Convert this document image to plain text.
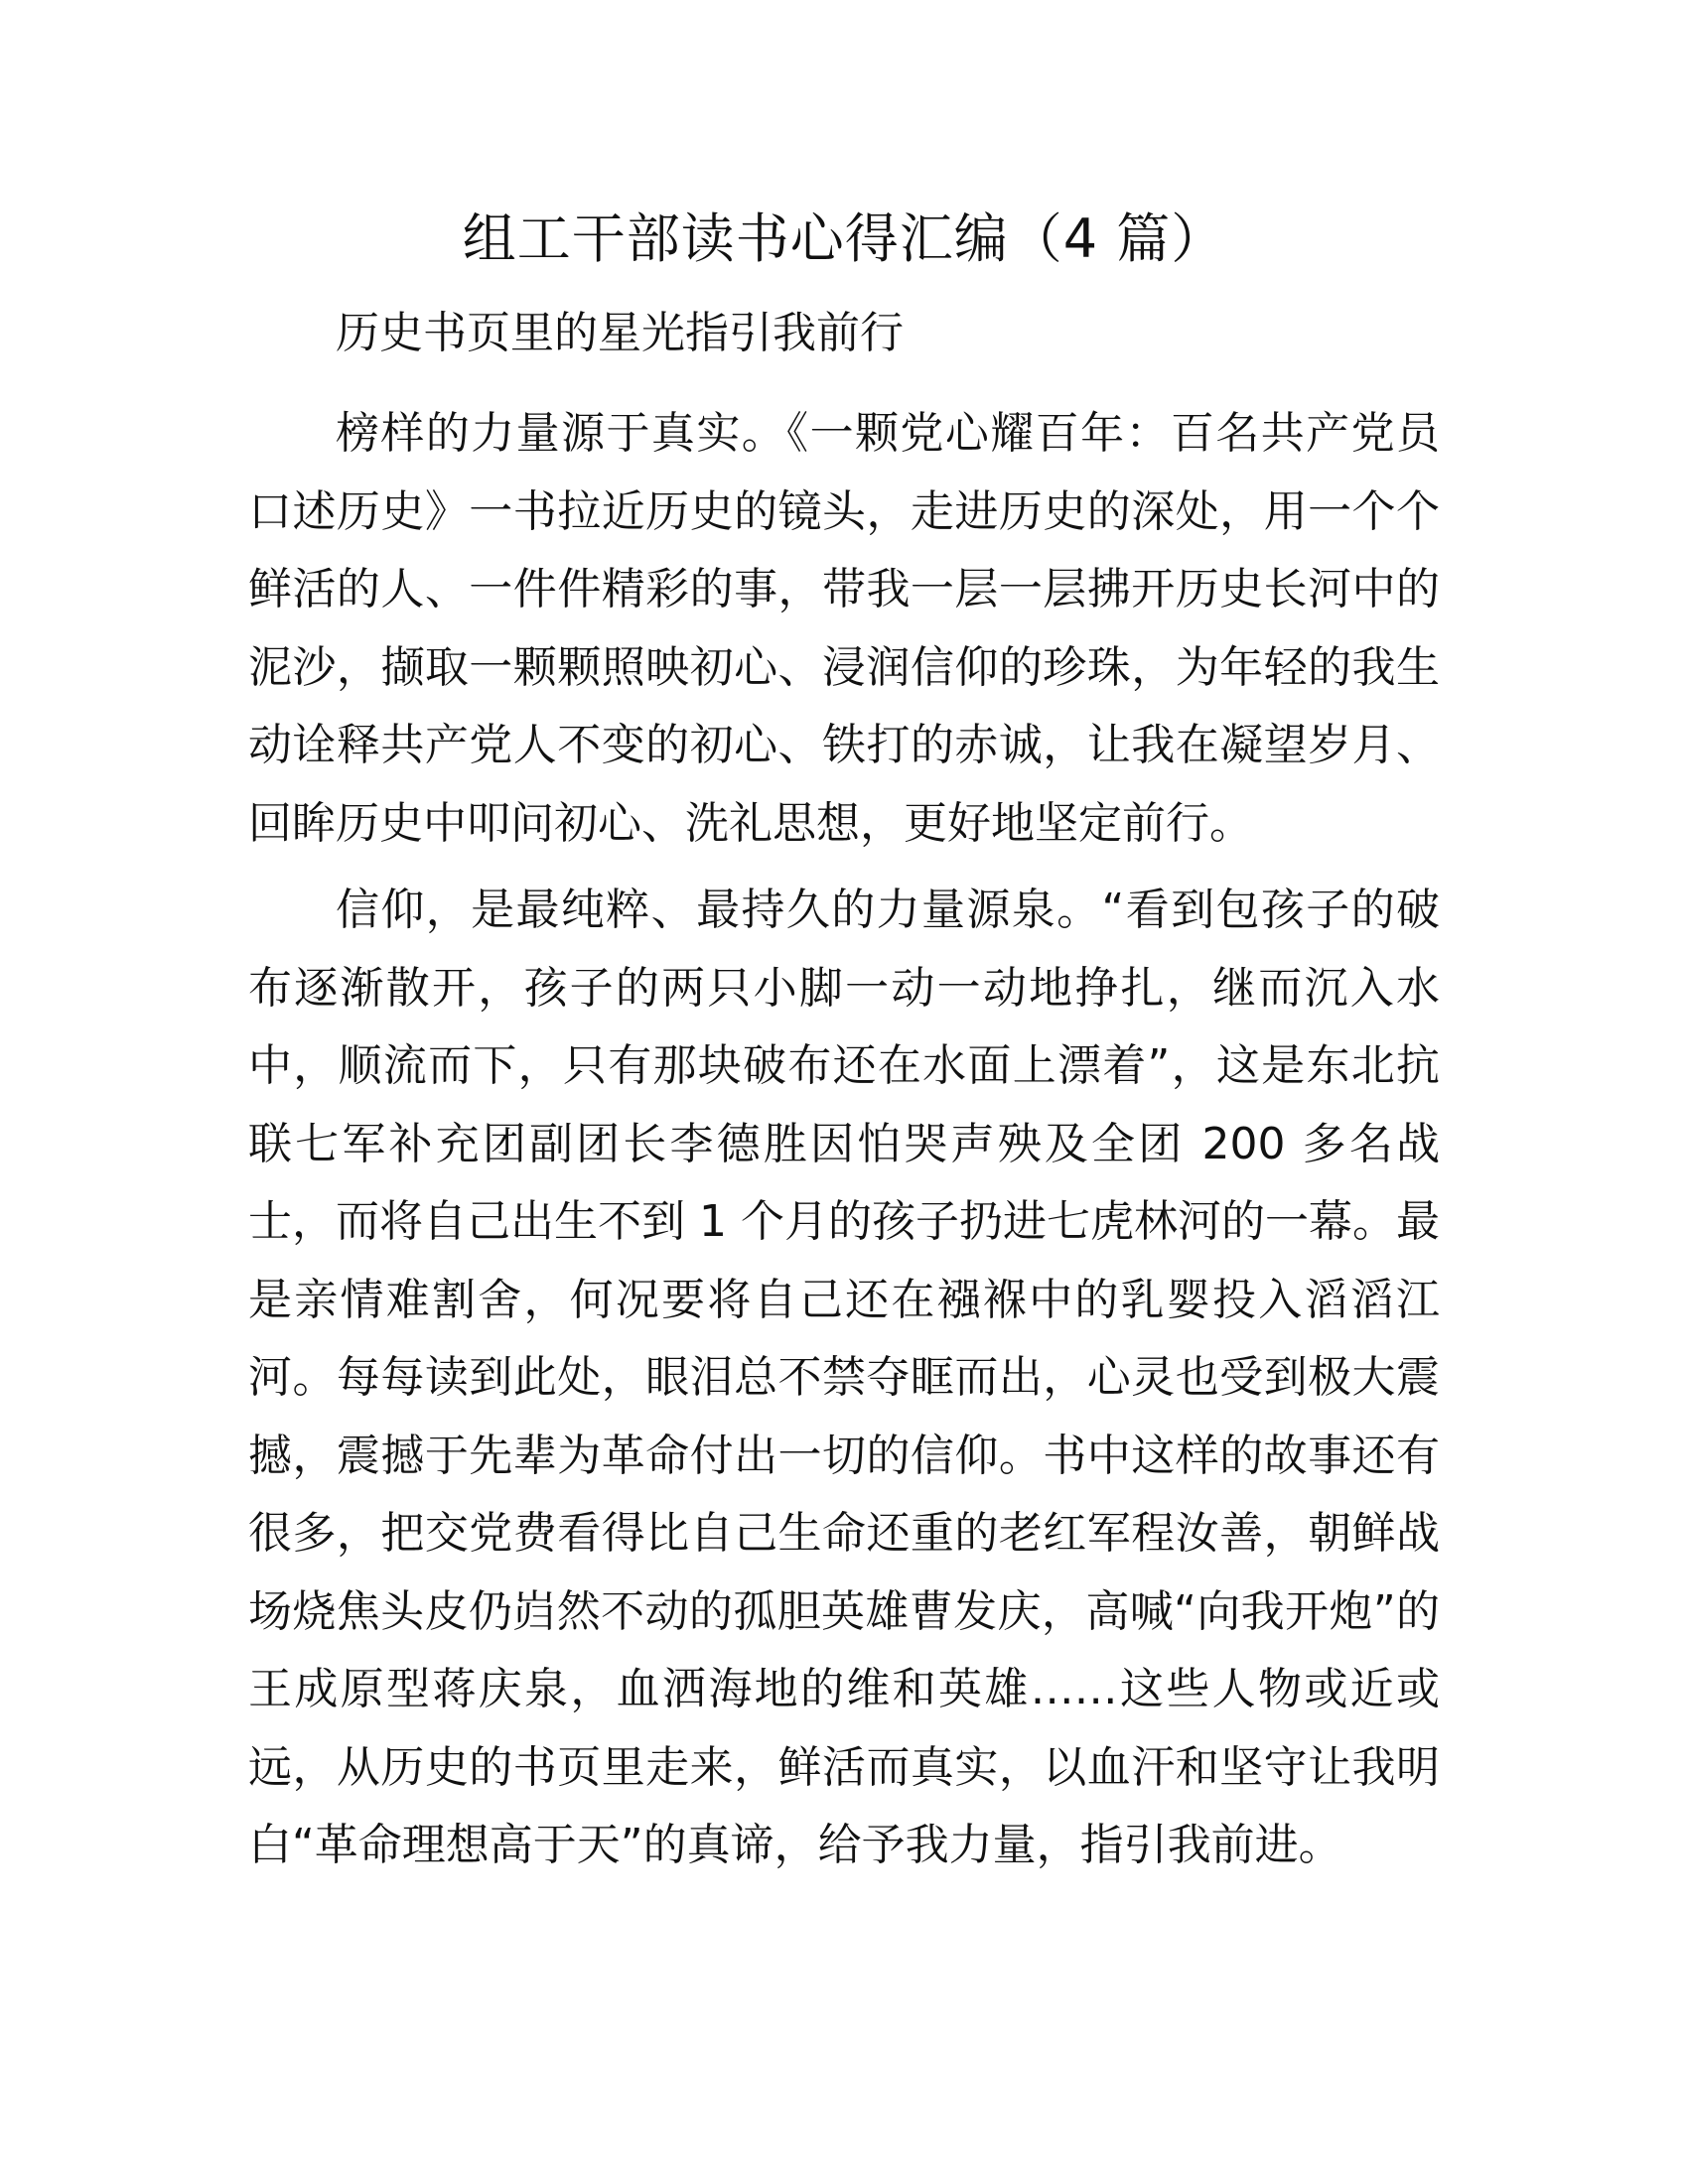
组工干部读书心得汇编（4 篇）

历史书页里的星光指引我前行

榜样的力量源于真实。《一颗党心耀百年：百名共产党员口述历史》一书拉近历史的镜头，走进历史的深处，用一个个鲜活的人、一件件精彩的事，带我一层一层拂开历史长河中的泥沙，撷取一颗颗照映初心、浸润信仰的珍珠，为年轻的我生动诠释共产党人不变的初心、铁打的赤诚，让我在凝望岁月、回眸历史中叩问初心、洗礼思想，更好地坚定前行。

信仰，是最纯粹、最持久的力量源泉。“看到包孩子的破布逐渐散开，孩子的两只小脚一动一动地挣扎，继而沉入水中，顺流而下，只有那块破布还在水面上漂着”，这是东北抗联七军补充团副团长李德胜因怕哭声殃及全团 200 多名战士，而将自己出生不到 1 个月的孩子扔进七虎林河的一幕。最是亲情难割舍，何况要将自己还在襁褓中的乳婴投入滔滔江河。每每读到此处，眼泪总不禁夺眶而出，心灵也受到极大震撼，震撼于先辈为革命付出一切的信仰。书中这样的故事还有很多，把交党费看得比自己生命还重的老红军程汝善，朝鲜战场烧焦头皮仍岿然不动的孤胆英雄曹发庆，高喊“向我开炮”的王成原型蒋庆泉，血洒海地的维和英雄……这些人物或近或远，从历史的书页里走来，鲜活而真实，以血汗和坚守让我明白“革命理想高于天”的真谛，给予我力量，指引我前进。
